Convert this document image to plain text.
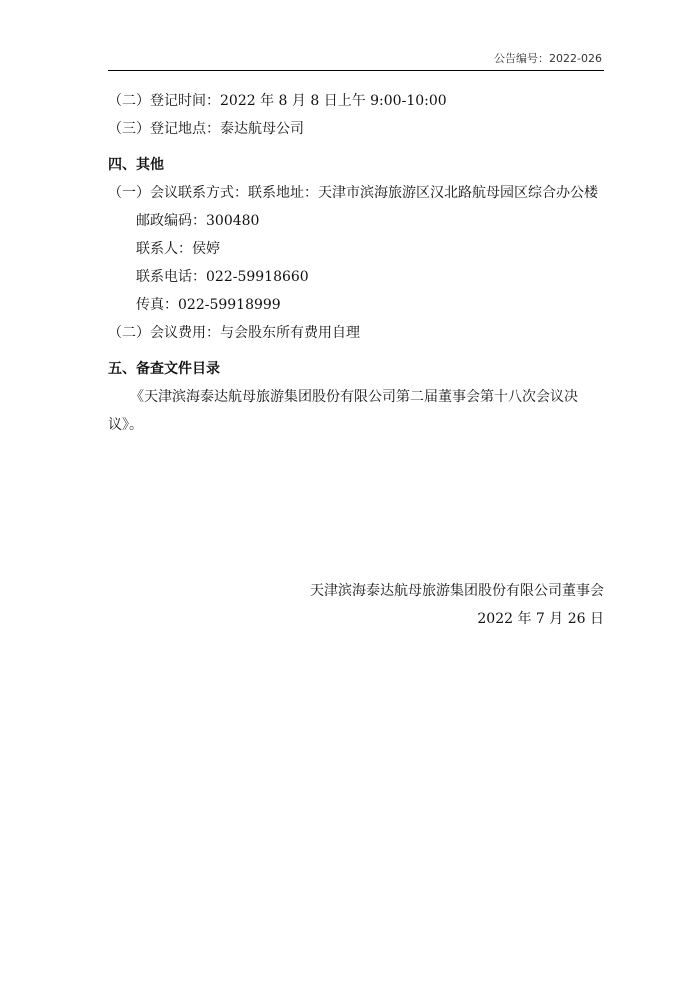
公告编号：2022-026
（二）登记时间：2022 年 8 月 8 日上午 9:00-10:00
（三）登记地点：泰达航母公司
四、其他
（一）会议联系方式：联系地址：天津市滨海旅游区汉北路航母园区综合办公楼
邮政编码：300480
联系人：侯婷
联系电话：022-59918660
传真：022-59918999
（二）会议费用：与会股东所有费用自理
五、备查文件目录
《天津滨海泰达航母旅游集团股份有限公司第二届董事会第十八次会议决
议》。
天津滨海泰达航母旅游集团股份有限公司董事会
2022 年 7 月 26 日
